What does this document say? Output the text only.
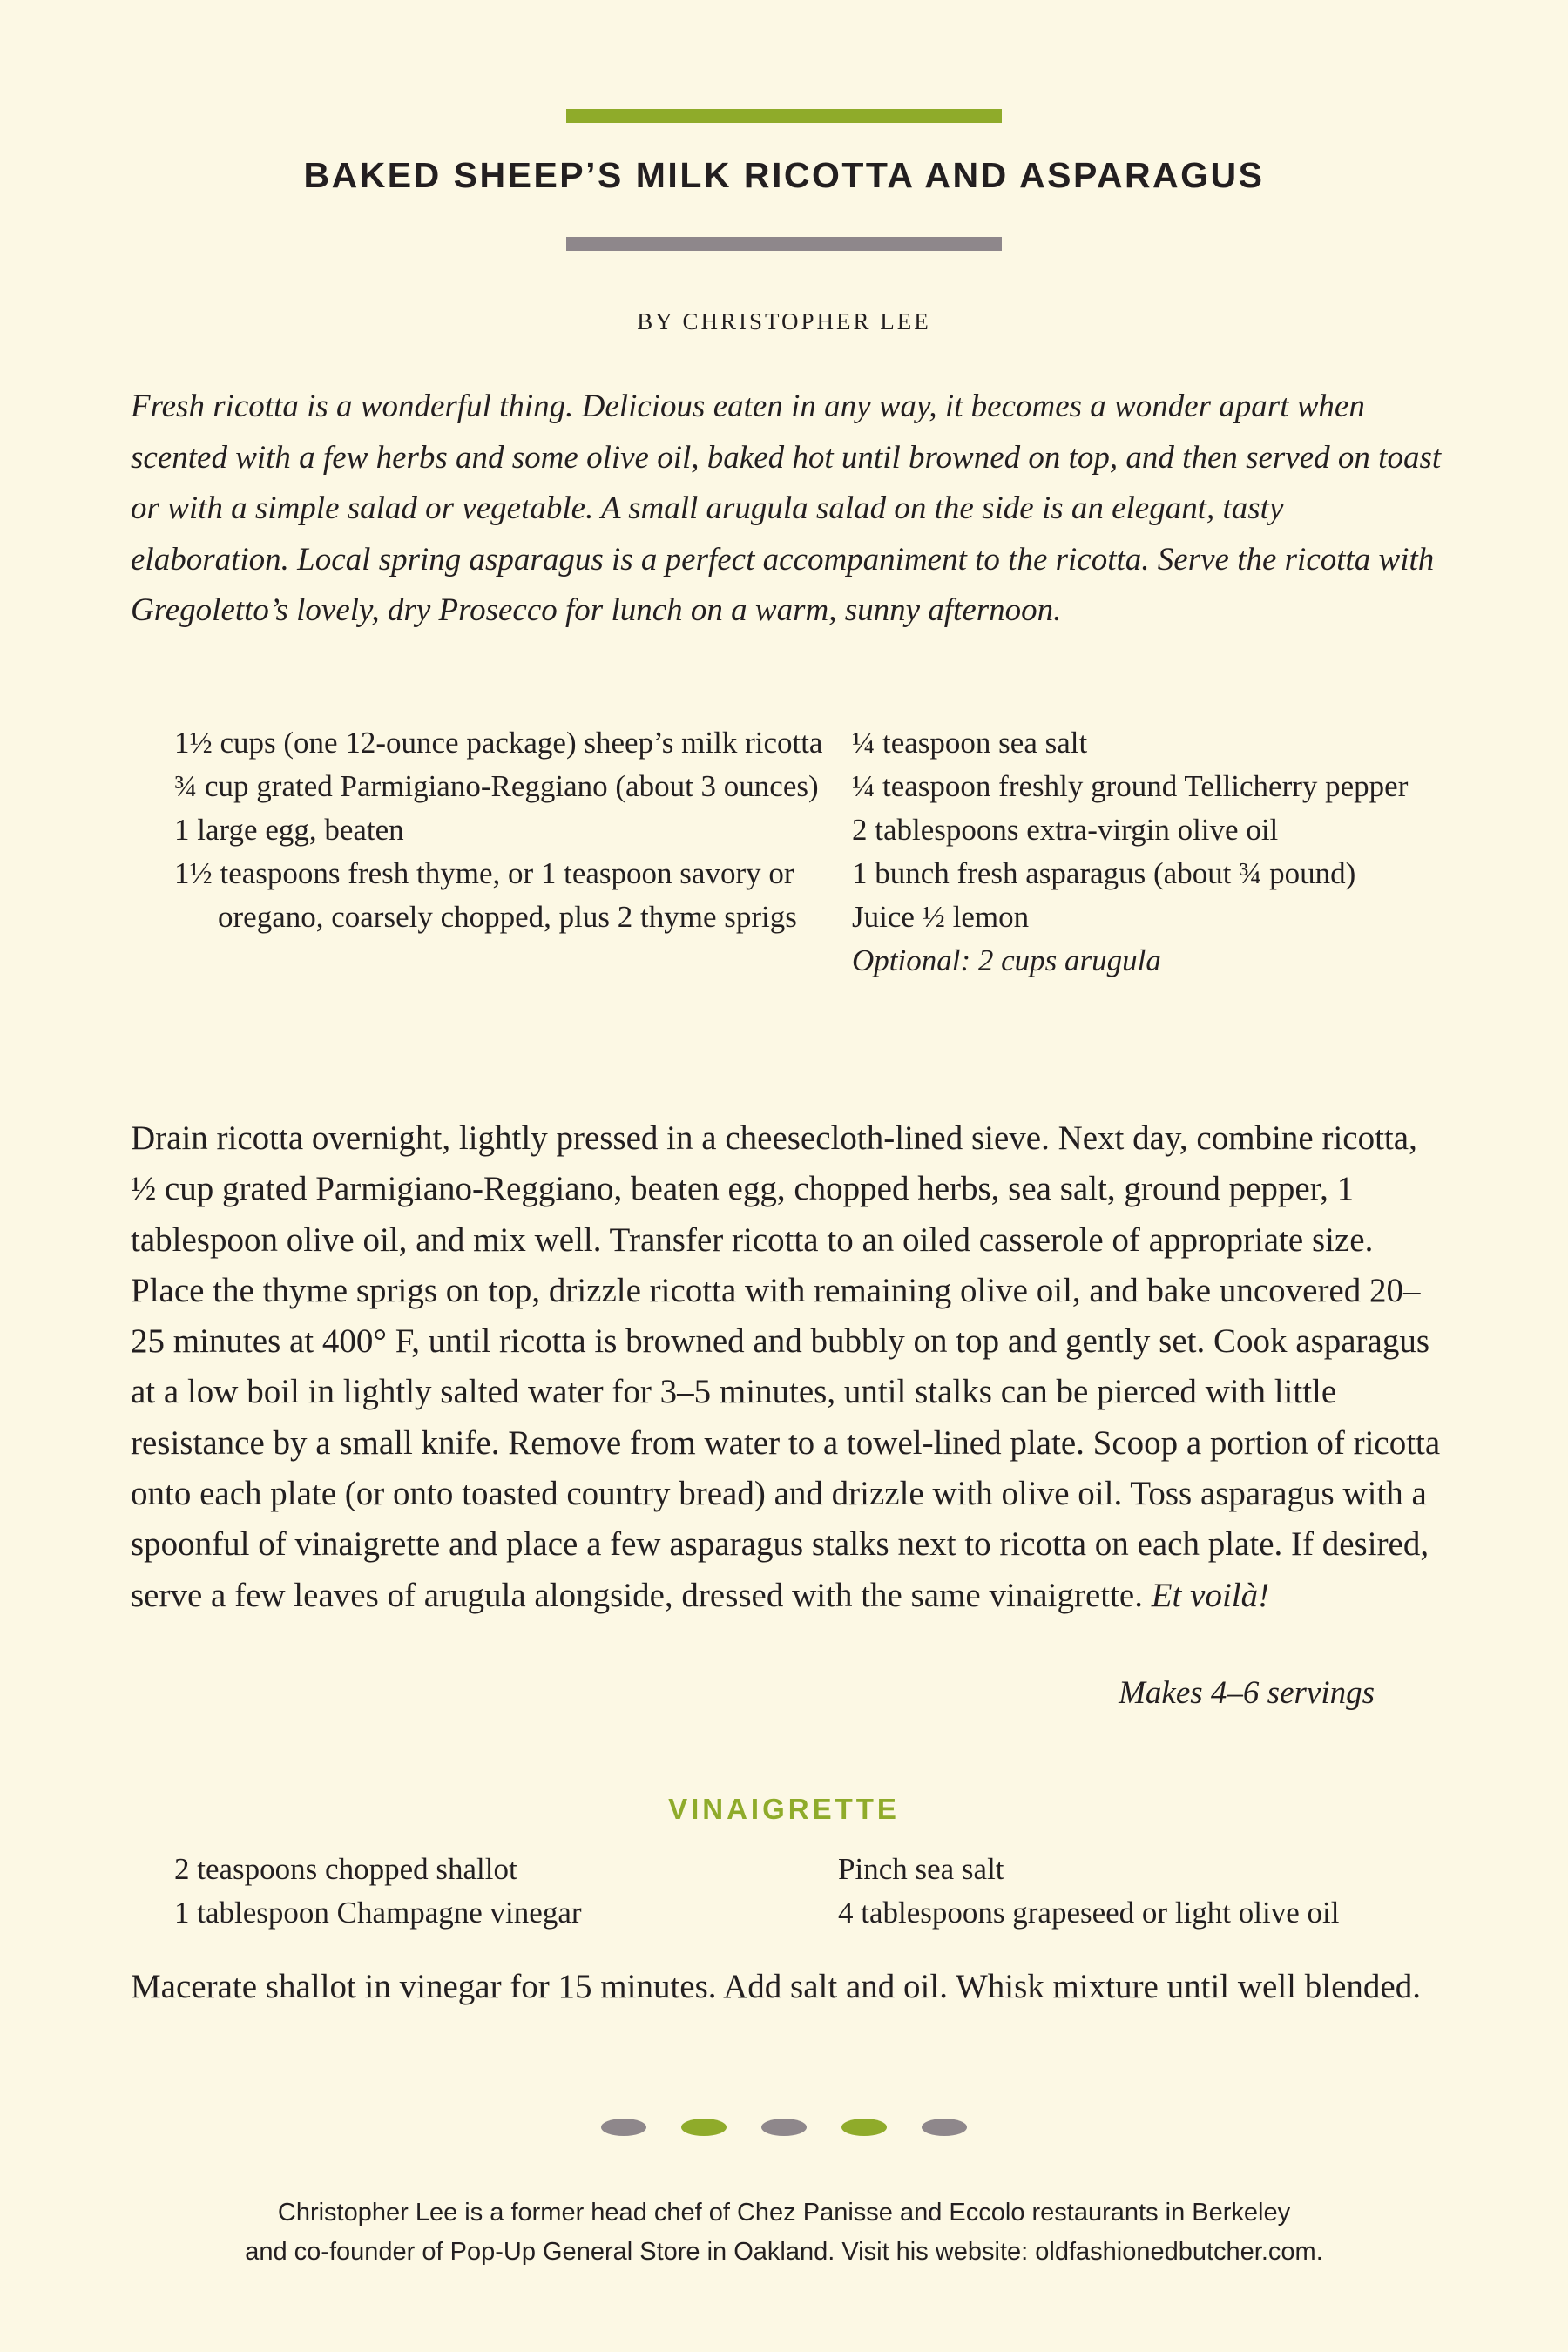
BAKED SHEEP’S MILK RICOTTA AND ASPARAGUS
BY CHRISTOPHER LEE

Fresh ricotta is a wonderful thing. Delicious eaten in any way, it becomes a wonder apart when scented with a few herbs and some olive oil, baked hot until browned on top, and then served on toast or with a simple salad or vegetable. A small arugula salad on the side is an elegant, tasty elaboration. Local spring asparagus is a perfect accompaniment to the ricotta. Serve the ricotta with Gregoletto’s lovely, dry Prosecco for lunch on a warm, sunny afternoon.

1½ cups (one 12-ounce package) sheep’s milk ricotta
¾ cup grated Parmigiano-Reggiano (about 3 ounces)
1 large egg, beaten
1½ teaspoons fresh thyme, or 1 teaspoon savory or oregano, coarsely chopped, plus 2 thyme sprigs
¼ teaspoon sea salt
¼ teaspoon freshly ground Tellicherry pepper
2 tablespoons extra-virgin olive oil
1 bunch fresh asparagus (about ¾ pound)
Juice ½ lemon
Optional: 2 cups arugula

Drain ricotta overnight, lightly pressed in a cheesecloth-lined sieve. Next day, combine ricotta, ½ cup grated Parmigiano-Reggiano, beaten egg, chopped herbs, sea salt, ground pepper, 1 tablespoon olive oil, and mix well. Transfer ricotta to an oiled casserole of appropriate size. Place the thyme sprigs on top, drizzle ricotta with remaining olive oil, and bake uncovered 20–25 minutes at 400° F, until ricotta is browned and bubbly on top and gently set. Cook asparagus at a low boil in lightly salted water for 3–5 minutes, until stalks can be pierced with little resistance by a small knife. Remove from water to a towel-lined plate. Scoop a portion of ricotta onto each plate (or onto toasted country bread) and drizzle with olive oil. Toss asparagus with a spoonful of vinaigrette and place a few asparagus stalks next to ricotta on each plate. If desired, serve a few leaves of arugula alongside, dressed with the same vinaigrette. Et voilà!

Makes 4–6 servings
VINAIGRETTE
2 teaspoons chopped shallot
1 tablespoon Champagne vinegar
Pinch sea salt
4 tablespoons grapeseed or light olive oil

Macerate shallot in vinegar for 15 minutes. Add salt and oil. Whisk mixture until well blended.

Christopher Lee is a former head chef of Chez Panisse and Eccolo restaurants in Berkeley
and co-founder of Pop-Up General Store in Oakland. Visit his website: oldfashionedbutcher.com.
